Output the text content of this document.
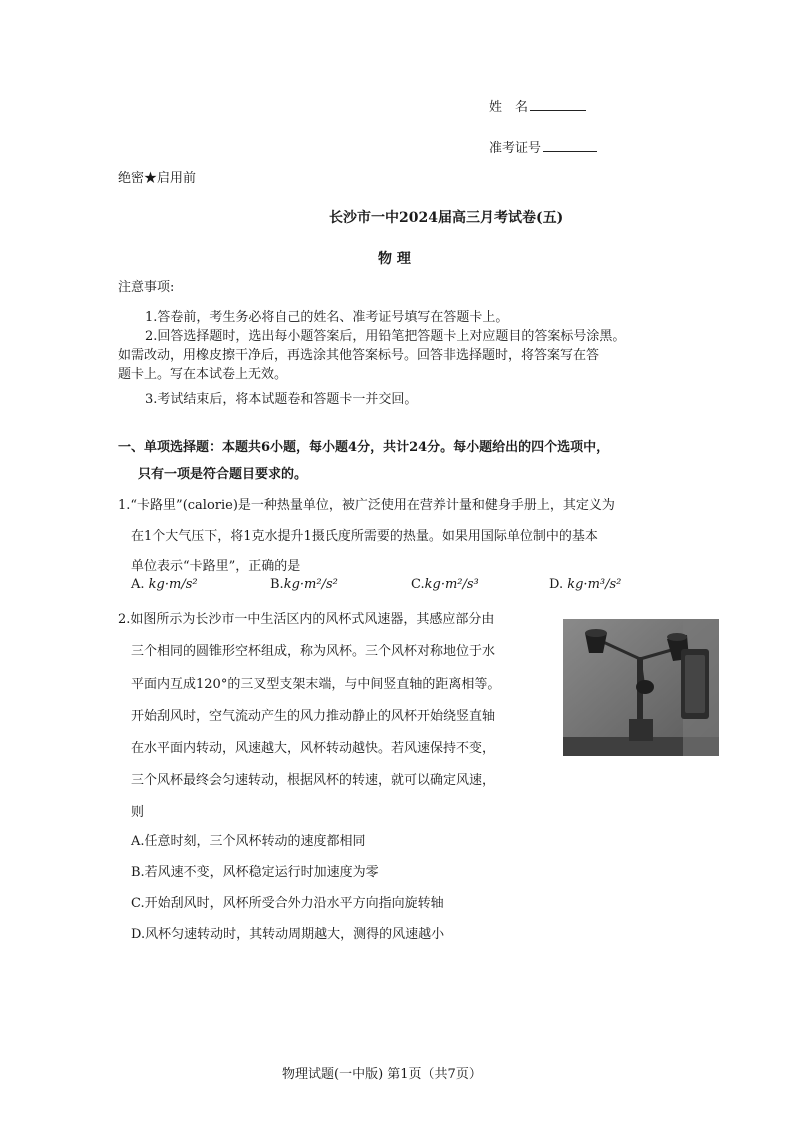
姓　名
准考证号
绝密★启用前
长沙市一中2024届高三月考试卷(五)
物 理
注意事项:
1.答卷前，考生务必将自己的姓名、准考证号填写在答题卡上。
2.回答选择题时，选出每小题答案后，用铅笔把答题卡上对应题目的答案标号涂黑。
如需改动，用橡皮擦干净后，再选涂其他答案标号。回答非选择题时，将答案写在答
题卡上。写在本试卷上无效。
3.考试结束后，将本试题卷和答题卡一并交回。
一、单项选择题：本题共6小题，每小题4分，共计24分。每小题给出的四个选项中，
只有一项是符合题目要求的。
1.“卡路里”(calorie)是一种热量单位，被广泛使用在营养计量和健身手册上，其定义为
在1个大气压下，将1克水提升1摄氏度所需要的热量。如果用国际单位制中的基本
单位表示“卡路里”，正确的是
A. kg·m/s²	B.kg·m²/s²	C.kg·m²/s³	D. kg·m³/s²
2.如图所示为长沙市一中生活区内的风杯式风速器，其感应部分由
三个相同的圆锥形空杯组成，称为风杯。三个风杯对称地位于水
平面内互成120°的三叉型支架末端，与中间竖直轴的距离相等。
开始刮风时，空气流动产生的风力推动静止的风杯开始绕竖直轴
在水平面内转动，风速越大，风杯转动越快。若风速保持不变，
三个风杯最终会匀速转动，根据风杯的转速，就可以确定风速，
则
A.任意时刻，三个风杯转动的速度都相同
B.若风速不变，风杯稳定运行时加速度为零
C.开始刮风时，风杯所受合外力沿水平方向指向旋转轴
D.风杯匀速转动时，其转动周期越大，测得的风速越小
物理试题(一中版) 第1页（共7页）
